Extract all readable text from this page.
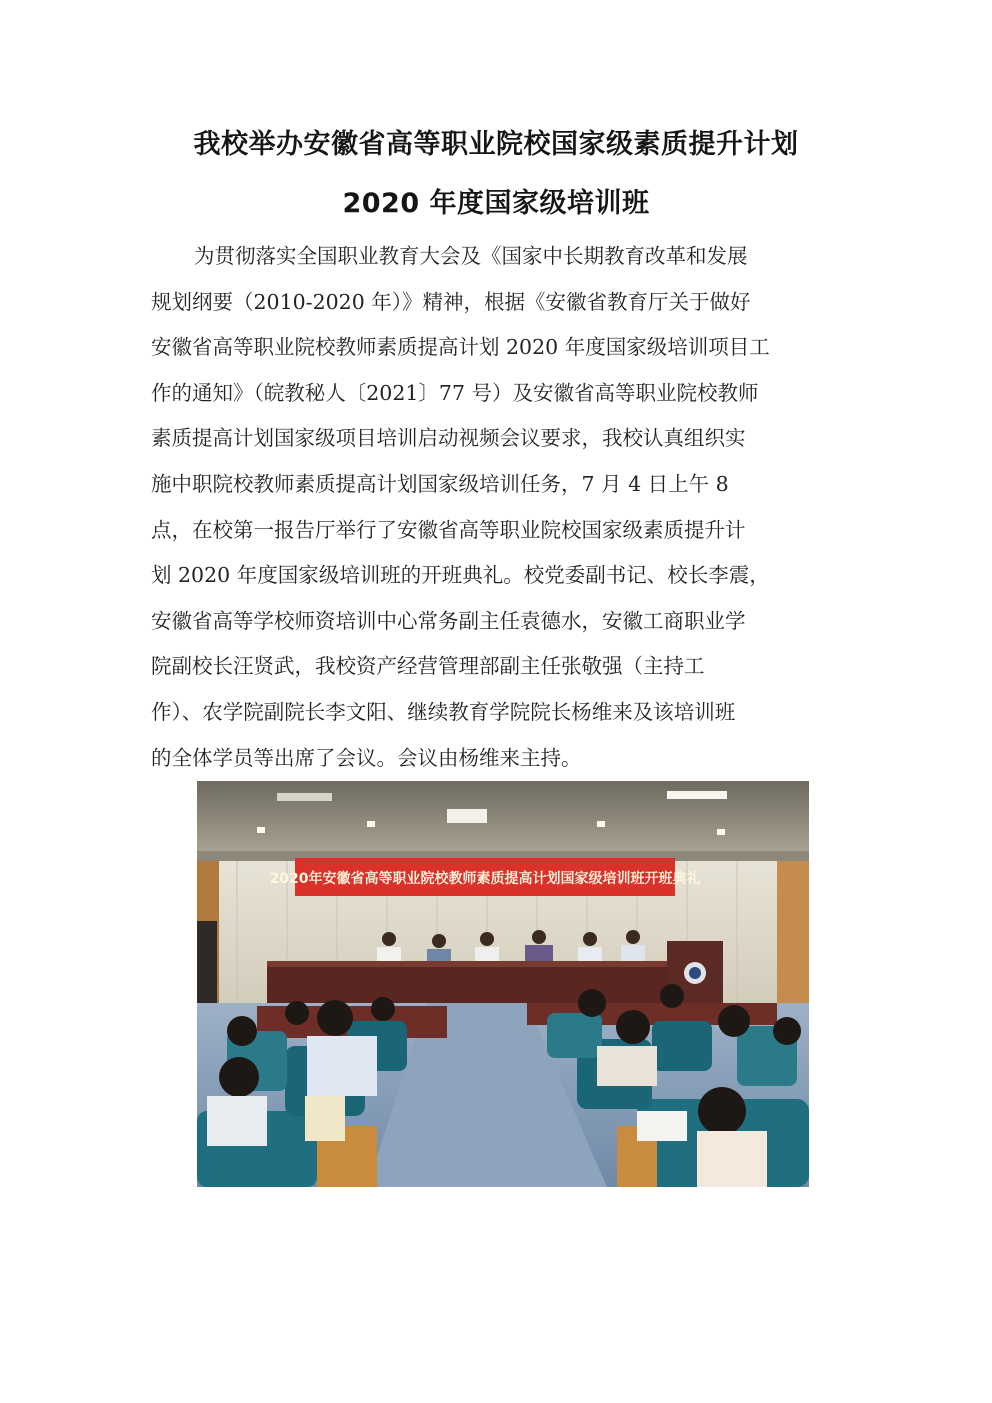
我校举办安徽省高等职业院校国家级素质提升计划
2020 年度国家级培训班
为贯彻落实全国职业教育大会及《国家中长期教育改革和发展
规划纲要（2010-2020 年）》精神，根据《安徽省教育厅关于做好
安徽省高等职业院校教师素质提高计划 2020 年度国家级培训项目工
作的通知》（皖教秘人〔2021〕77 号）及安徽省高等职业院校教师
素质提高计划国家级项目培训启动视频会议要求，我校认真组织实
施中职院校教师素质提高计划国家级培训任务，7 月 4 日上午 8
点，在校第一报告厅举行了安徽省高等职业院校国家级素质提升计
划 2020 年度国家级培训班的开班典礼。校党委副书记、校长李震，
安徽省高等学校师资培训中心常务副主任袁德水，安徽工商职业学
院副校长汪贤武，我校资产经营管理部副主任张敬强（主持工
作）、农学院副院长李文阳、继续教育学院院长杨维来及该培训班
的全体学员等出席了会议。会议由杨维来主持。
2020年安徽省高等职业院校教师素质提高计划国家级培训班开班典礼
